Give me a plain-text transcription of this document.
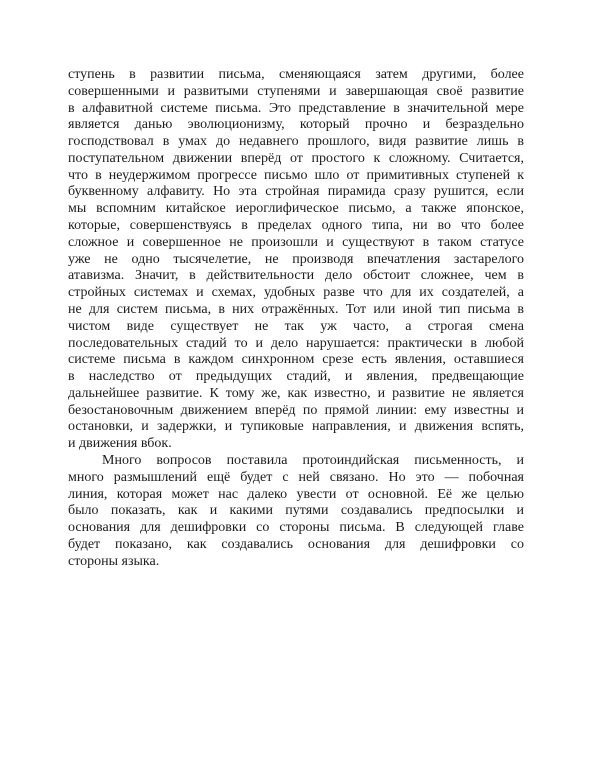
ступень в развитии письма, сменяющаяся затем другими, более
совершенными и развитыми ступенями и завершающая своё развитие
в алфавитной системе письма. Это представление в значительной мере
является данью эволюционизму, который прочно и безраздельно
господствовал в умах до недавнего прошлого, видя развитие лишь в
поступательном движении вперёд от простого к сложному. Считается,
что в неудержимом прогрессе письмо шло от примитивных ступеней к
буквенному алфавиту. Но эта стройная пирамида сразу рушится, если
мы вспомним китайское иероглифическое письмо, а также японское,
которые, совершенствуясь в пределах одного типа, ни во что более
сложное и совершенное не произошли и существуют в таком статусе
уже не одно тысячелетие, не производя впечатления застарелого
атавизма. Значит, в действительности дело обстоит сложнее, чем в
стройных системах и схемах, удобных разве что для их создателей, а
не для систем письма, в них отражённых. Тот или иной тип письма в
чистом виде существует не так уж часто, а строгая смена
последовательных стадий то и дело нарушается: практически в любой
системе письма в каждом синхронном срезе есть явления, оставшиеся
в наследство от предыдущих стадий, и явления, предвещающие
дальнейшее развитие. К тому же, как известно, и развитие не является
безостановочным движением вперёд по прямой линии: ему известны и
остановки, и задержки, и тупиковые направления, и движения вспять,
и движения вбок.
Много вопросов поставила протоиндийская письменность, и
много размышлений ещё будет с ней связано. Но это — побочная
линия, которая может нас далеко увести от основной. Её же целью
было показать, как и какими путями создавались предпосылки и
основания для дешифровки со стороны письма. В следующей главе
будет показано, как создавались основания для дешифровки со
стороны языка.
